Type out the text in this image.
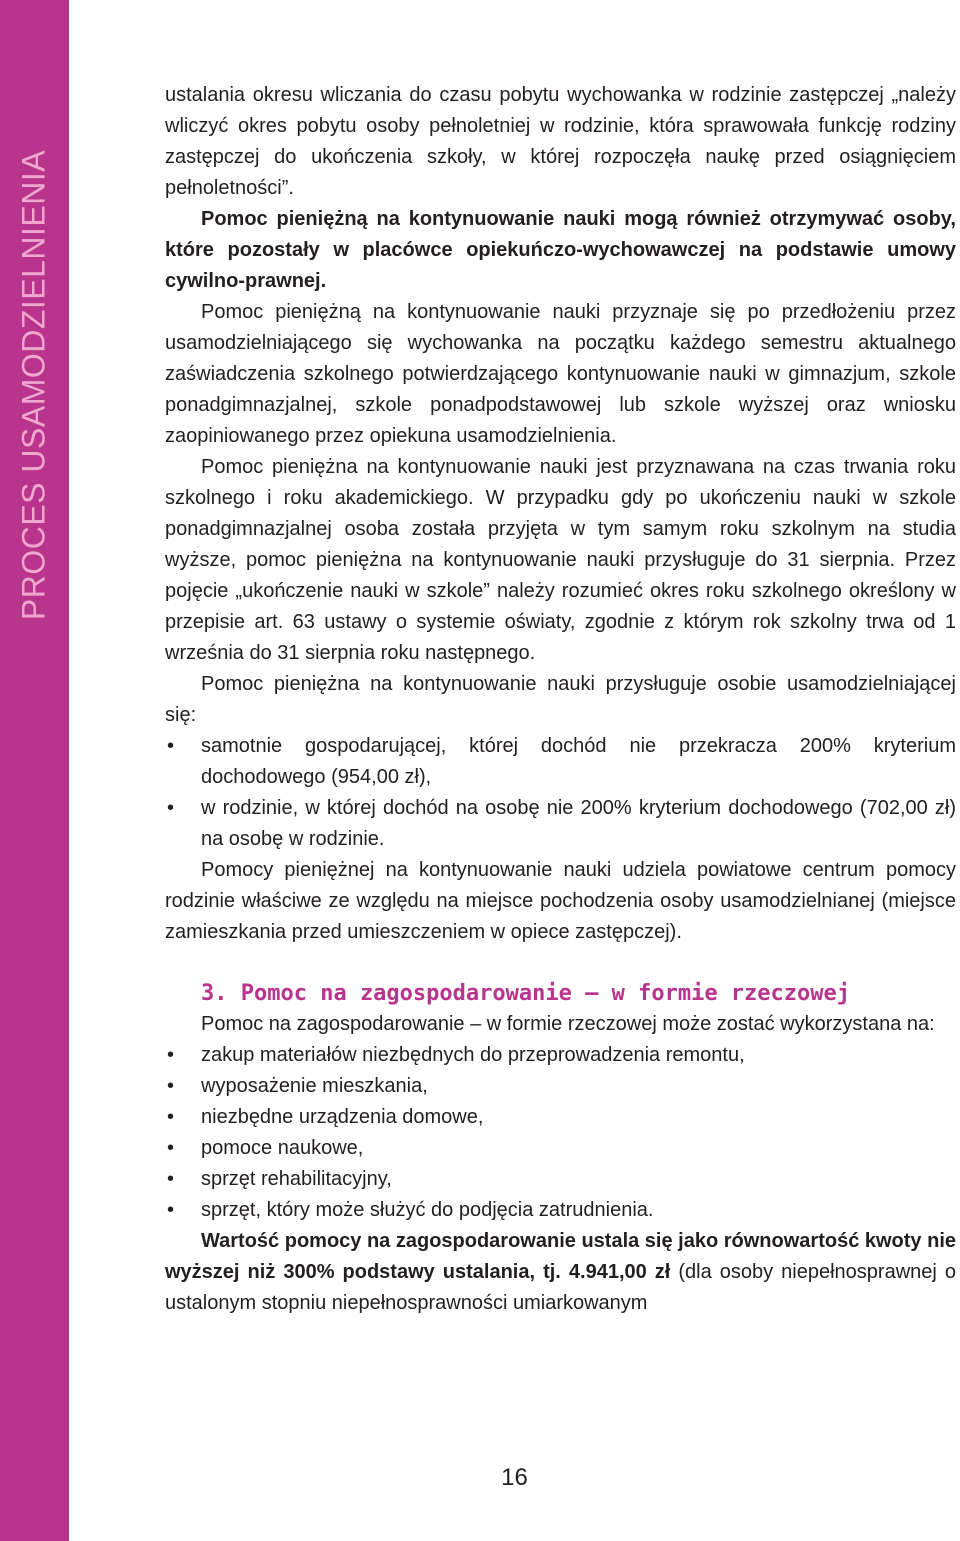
PROCES USAMODZIELNIENIA

ustalania okresu wliczania do czasu pobytu wychowanka w rodzinie zastępczej „należy wliczyć okres pobytu osoby pełnoletniej w rodzinie, która sprawowała funkcję rodziny zastępczej do ukończenia szkoły, w której rozpoczęła naukę przed osiągnięciem pełnoletności”.

Pomoc pieniężną na kontynuowanie nauki mogą również otrzymywać osoby, które pozostały w placówce opiekuńczo-wychowawczej na podstawie umowy cywilno-prawnej.

Pomoc pieniężną na kontynuowanie nauki przyznaje się po przedłożeniu przez usamodzielniającego się wychowanka na początku każdego semestru aktualnego zaświadczenia szkolnego potwierdzającego kontynuowanie nauki w gimnazjum, szkole ponadgimnazjalnej, szkole ponadpodstawowej lub szkole wyższej oraz wniosku zaopiniowanego przez opiekuna usamodzielnienia.

Pomoc pieniężna na kontynuowanie nauki jest przyznawana na czas trwania roku szkolnego i roku akademickiego. W przypadku gdy po ukończeniu nauki w szkole ponadgimnazjalnej osoba została przyjęta w tym samym roku szkolnym na studia wyższe, pomoc pieniężna na kontynuowanie nauki przysługuje do 31 sierpnia. Przez pojęcie „ukończenie nauki w szkole” należy rozumieć okres roku szkolnego określony w przepisie art. 63 ustawy o systemie oświaty, zgodnie z którym rok szkolny trwa od 1 września do 31 sierpnia roku następnego.

Pomoc pieniężna na kontynuowanie nauki przysługuje osobie usamodzielniającej się:

• samotnie gospodarującej, której dochód nie przekracza 200% kryterium dochodowego (954,00 zł),
• w rodzinie, w której dochód na osobę nie 200% kryterium dochodowego (702,00 zł) na osobę w rodzinie.

Pomocy pieniężnej na kontynuowanie nauki udziela powiatowe centrum pomocy rodzinie właściwe ze względu na miejsce pochodzenia osoby usamodzielnianej (miejsce zamieszkania przed umieszczeniem w opiece zastępczej).

3. Pomoc na zagospodarowanie – w formie rzeczowej

Pomoc na zagospodarowanie – w formie rzeczowej może zostać wykorzystana na:

• zakup materiałów niezbędnych do przeprowadzenia remontu,
• wyposażenie mieszkania,
• niezbędne urządzenia domowe,
• pomoce naukowe,
• sprzęt rehabilitacyjny,
• sprzęt, który może służyć do podjęcia zatrudnienia.

Wartość pomocy na zagospodarowanie ustala się jako równowartość kwoty nie wyższej niż 300% podstawy ustalania, tj. 4.941,00 zł (dla osoby niepełnosprawnej o ustalonym stopniu niepełnosprawności umiarkowanym

16
